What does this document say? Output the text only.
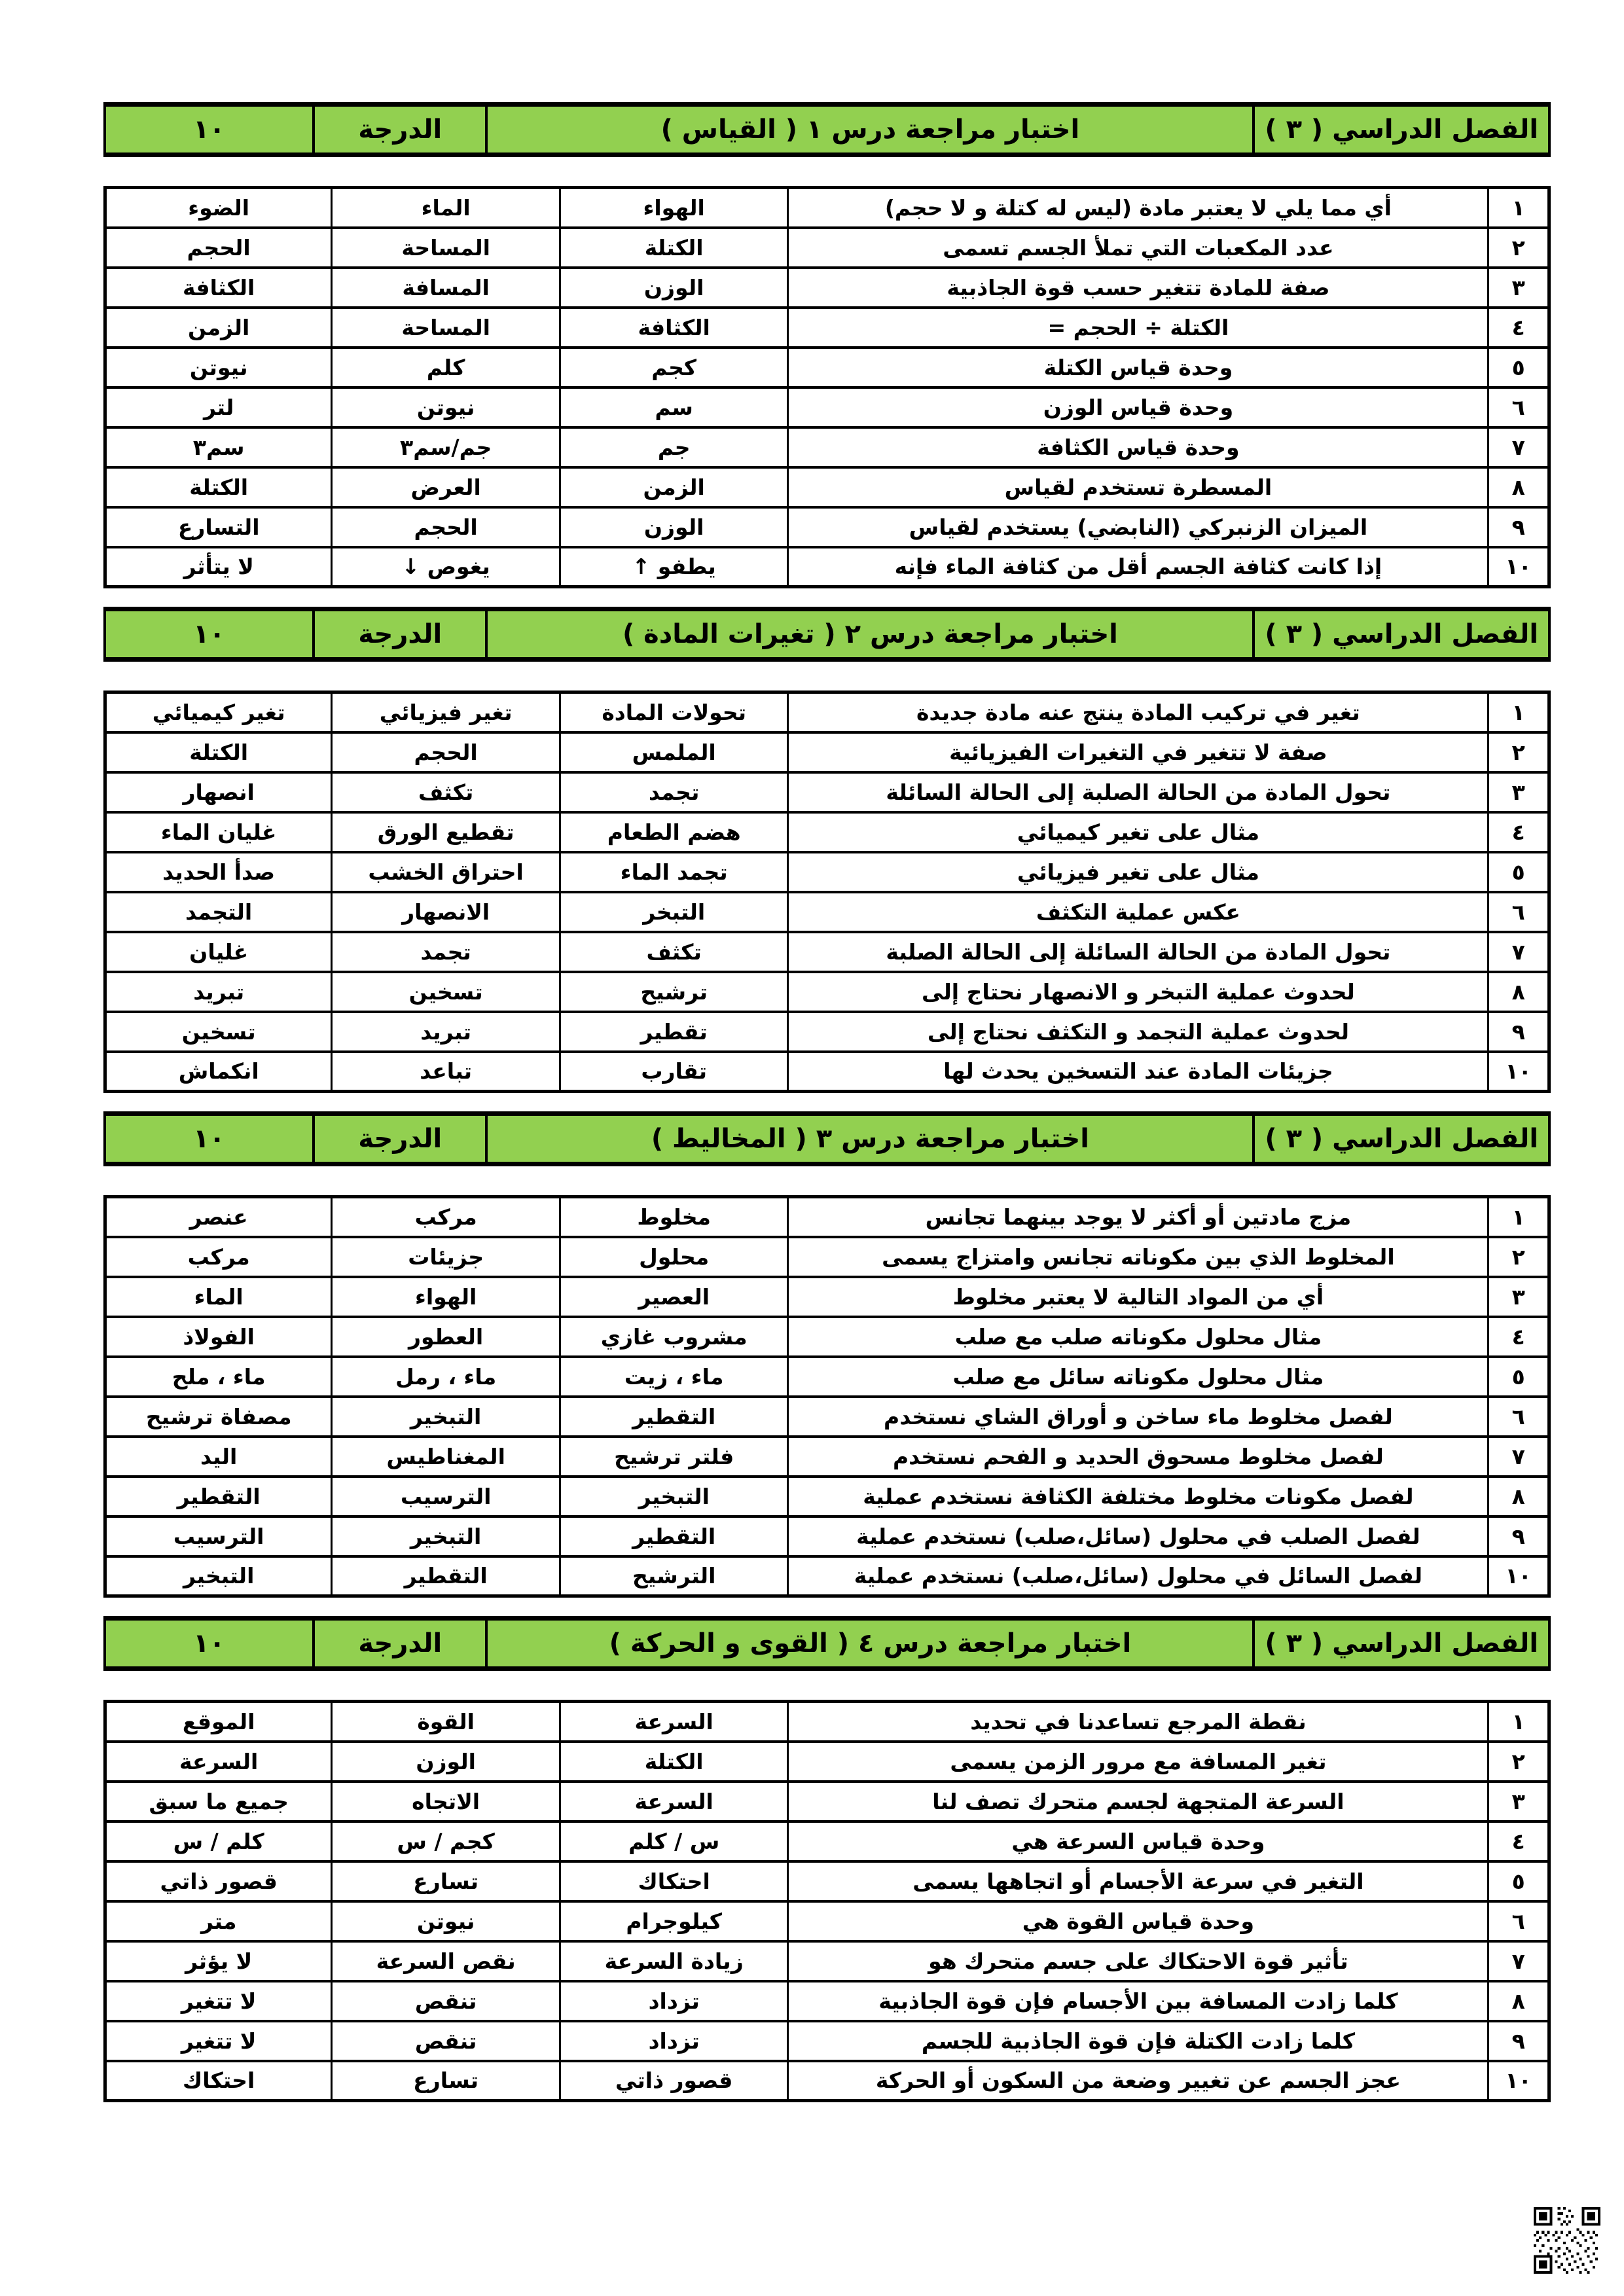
الفصل الدراسي ( ٣ )
اختبار مراجعة درس ١ ( القياس )
الدرجة
١٠
١	أي مما يلي لا يعتبر مادة (ليس له كتلة و لا حجم)	الهواء	الماء	الضوء
٢	عدد المكعبات التي تملأ الجسم تسمى	الكتلة	المساحة	الحجم
٣	صفة للمادة تتغير حسب قوة الجاذبية	الوزن	المسافة	الكثافة
٤	الكتلة ÷ الحجم =	الكثافة	المساحة	الزمن
٥	وحدة قياس الكتلة	كجم	كلم	نيوتن
٦	وحدة قياس الوزن	سم	نيوتن	لتر
٧	وحدة قياس الكثافة	جم	جم/سم٣	سم٣
٨	المسطرة تستخدم لقياس	الزمن	العرض	الكتلة
٩	الميزان الزنبركي (النابضي) يستخدم لقياس	الوزن	الحجم	التسارع
١٠	إذا كانت كثافة الجسم أقل من كثافة الماء فإنه	يطفو ↑	يغوص ↓	لا يتأثر
الفصل الدراسي ( ٣ )
اختبار مراجعة درس ٢ ( تغيرات المادة )
الدرجة
١٠
١	تغير في تركيب المادة ينتج عنه مادة جديدة	تحولات المادة	تغير فيزيائي	تغير كيميائي
٢	صفة لا تتغير في التغيرات الفيزيائية	الملمس	الحجم	الكتلة
٣	تحول المادة من الحالة الصلبة إلى الحالة السائلة	تجمد	تكثف	انصهار
٤	مثال على تغير كيميائي	هضم الطعام	تقطيع الورق	غليان الماء
٥	مثال على تغير فيزيائي	تجمد الماء	احتراق الخشب	صدأ الحديد
٦	عكس عملية التكثف	التبخر	الانصهار	التجمد
٧	تحول المادة من الحالة السائلة إلى الحالة الصلبة	تكثف	تجمد	غليان
٨	لحدوث عملية التبخر و الانصهار نحتاج إلى	ترشيح	تسخين	تبريد
٩	لحدوث عملية التجمد و التكثف نحتاج إلى	تقطير	تبريد	تسخين
١٠	جزيئات المادة عند التسخين يحدث لها	تقارب	تباعد	انكماش
الفصل الدراسي ( ٣ )
اختبار مراجعة درس ٣ ( المخاليط )
الدرجة
١٠
١	مزج مادتين أو أكثر لا يوجد بينهما تجانس	مخلوط	مركب	عنصر
٢	المخلوط الذي بين مكوناته تجانس وامتزاج يسمى	محلول	جزيئات	مركب
٣	أي من المواد التالية لا يعتبر مخلوط	العصير	الهواء	الماء
٤	مثال محلول مكوناته صلب مع صلب	مشروب غازي	العطور	الفولاذ
٥	مثال محلول مكوناته سائل مع صلب	ماء ، زيت	ماء ، رمل	ماء ، ملح
٦	لفصل مخلوط ماء ساخن و أوراق الشاي نستخدم	التقطير	التبخير	مصفاة ترشيح
٧	لفصل مخلوط مسحوق الحديد و الفحم نستخدم	فلتر ترشيح	المغناطيس	اليد
٨	لفصل مكونات مخلوط مختلفة الكثافة نستخدم عملية	التبخير	الترسيب	التقطير
٩	لفصل الصلب في محلول (سائل،صلب) نستخدم عملية	التقطير	التبخير	الترسيب
١٠	لفصل السائل في محلول (سائل،صلب) نستخدم عملية	الترشيح	التقطير	التبخير
الفصل الدراسي ( ٣ )
اختبار مراجعة درس ٤ ( القوى و الحركة )
الدرجة
١٠
١	نقطة المرجع تساعدنا في تحديد	السرعة	القوة	الموقع
٢	تغير المسافة مع مرور الزمن يسمى	الكتلة	الوزن	السرعة
٣	السرعة المتجهة لجسم متحرك تصف لنا	السرعة	الاتجاه	جميع ما سبق
٤	وحدة قياس السرعة هي	س / كلم	كجم / س	كلم / س
٥	التغير في سرعة الأجسام أو اتجاهها يسمى	احتكاك	تسارع	قصور ذاتي
٦	وحدة قياس القوة هي	كيلوجرام	نيوتن	متر
٧	تأثير قوة الاحتكاك على جسم متحرك هو	زيادة السرعة	نقص السرعة	لا يؤثر
٨	كلما زادت المسافة بين الأجسام فإن قوة الجاذبية	تزداد	تنقص	لا تتغير
٩	كلما زادت الكتلة فإن قوة الجاذبية للجسم	تزداد	تنقص	لا تتغير
١٠	عجز الجسم عن تغيير وضعة من السكون أو الحركة	قصور ذاتي	تسارع	احتكاك
